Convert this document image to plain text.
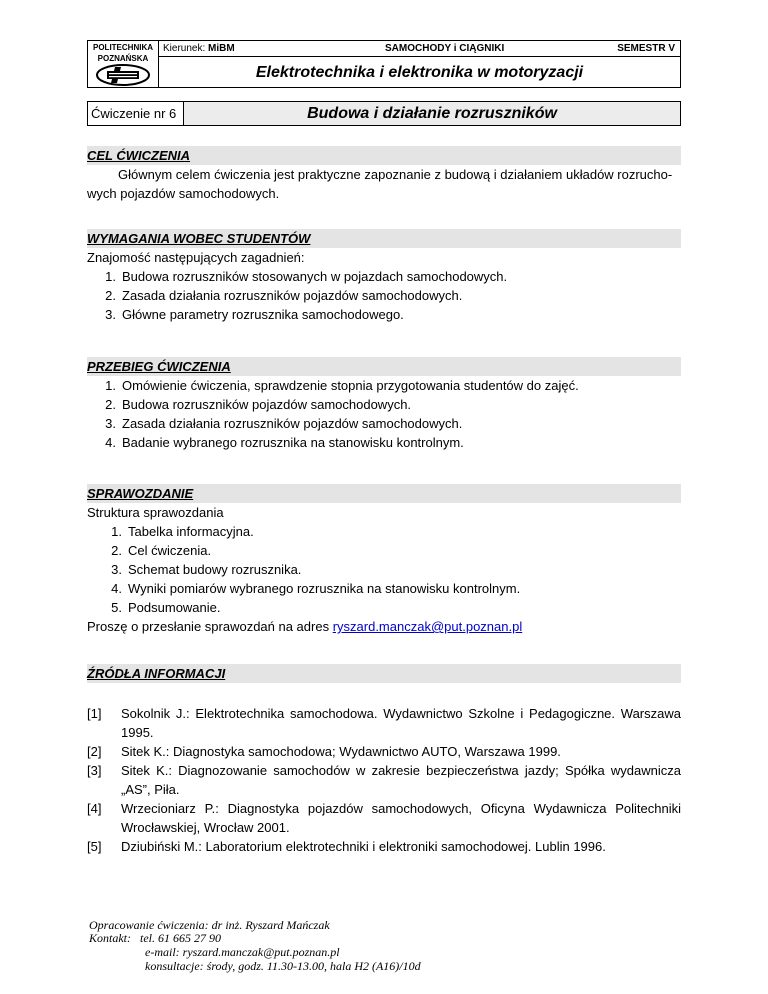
POLITECHNIKA
POZNAŃSKA
Kierunek: MiBM	SAMOCHODY i CIĄGNIKI	SEMESTR V
Elektrotechnika i elektronika w motoryzacji
Ćwiczenie nr 6	Budowa i działanie rozruszników
CEL ĆWICZENIA
Głównym celem ćwiczenia jest praktyczne zapoznanie z budową i działaniem układów rozrucho-
wych pojazdów samochodowych.
WYMAGANIA WOBEC STUDENTÓW
Znajomość następujących zagadnień:
1. Budowa rozruszników stosowanych w pojazdach samochodowych.
2. Zasada działania rozruszników pojazdów samochodowych.
3. Główne parametry rozrusznika samochodowego.
PRZEBIEG ĆWICZENIA
1. Omówienie ćwiczenia, sprawdzenie stopnia przygotowania studentów do zajęć.
2. Budowa rozruszników pojazdów samochodowych.
3. Zasada działania rozruszników pojazdów samochodowych.
4. Badanie wybranego rozrusznika na stanowisku kontrolnym.
SPRAWOZDANIE
Struktura sprawozdania
1. Tabelka informacyjna.
2. Cel ćwiczenia.
3. Schemat budowy rozrusznika.
4. Wyniki pomiarów wybranego rozrusznika na stanowisku kontrolnym.
5. Podsumowanie.
Proszę o przesłanie sprawozdań na adres ryszard.manczak@put.poznan.pl
ŹRÓDŁA INFORMACJI
[1] Sokolnik J.: Elektrotechnika samochodowa. Wydawnictwo Szkolne i Pedagogiczne. Warszawa
1995.
[2] Sitek K.: Diagnostyka samochodowa; Wydawnictwo AUTO, Warszawa 1999.
[3] Sitek K.: Diagnozowanie samochodów w zakresie bezpieczeństwa jazdy; Spółka wydawnicza
„AS”, Piła.
[4] Wrzecioniarz P.: Diagnostyka pojazdów samochodowych, Oficyna Wydawnicza Politechniki
Wrocławskiej, Wrocław 2001.
[5] Dziubiński M.: Laboratorium elektrotechniki i elektroniki samochodowej. Lublin 1996.
Opracowanie ćwiczenia: dr inż. Ryszard Mańczak
Kontakt: tel. 61 665 27 90
e-mail: ryszard.manczak@put.poznan.pl
konsultacje: środy, godz. 11.30-13.00, hala H2 (A16)/10d
